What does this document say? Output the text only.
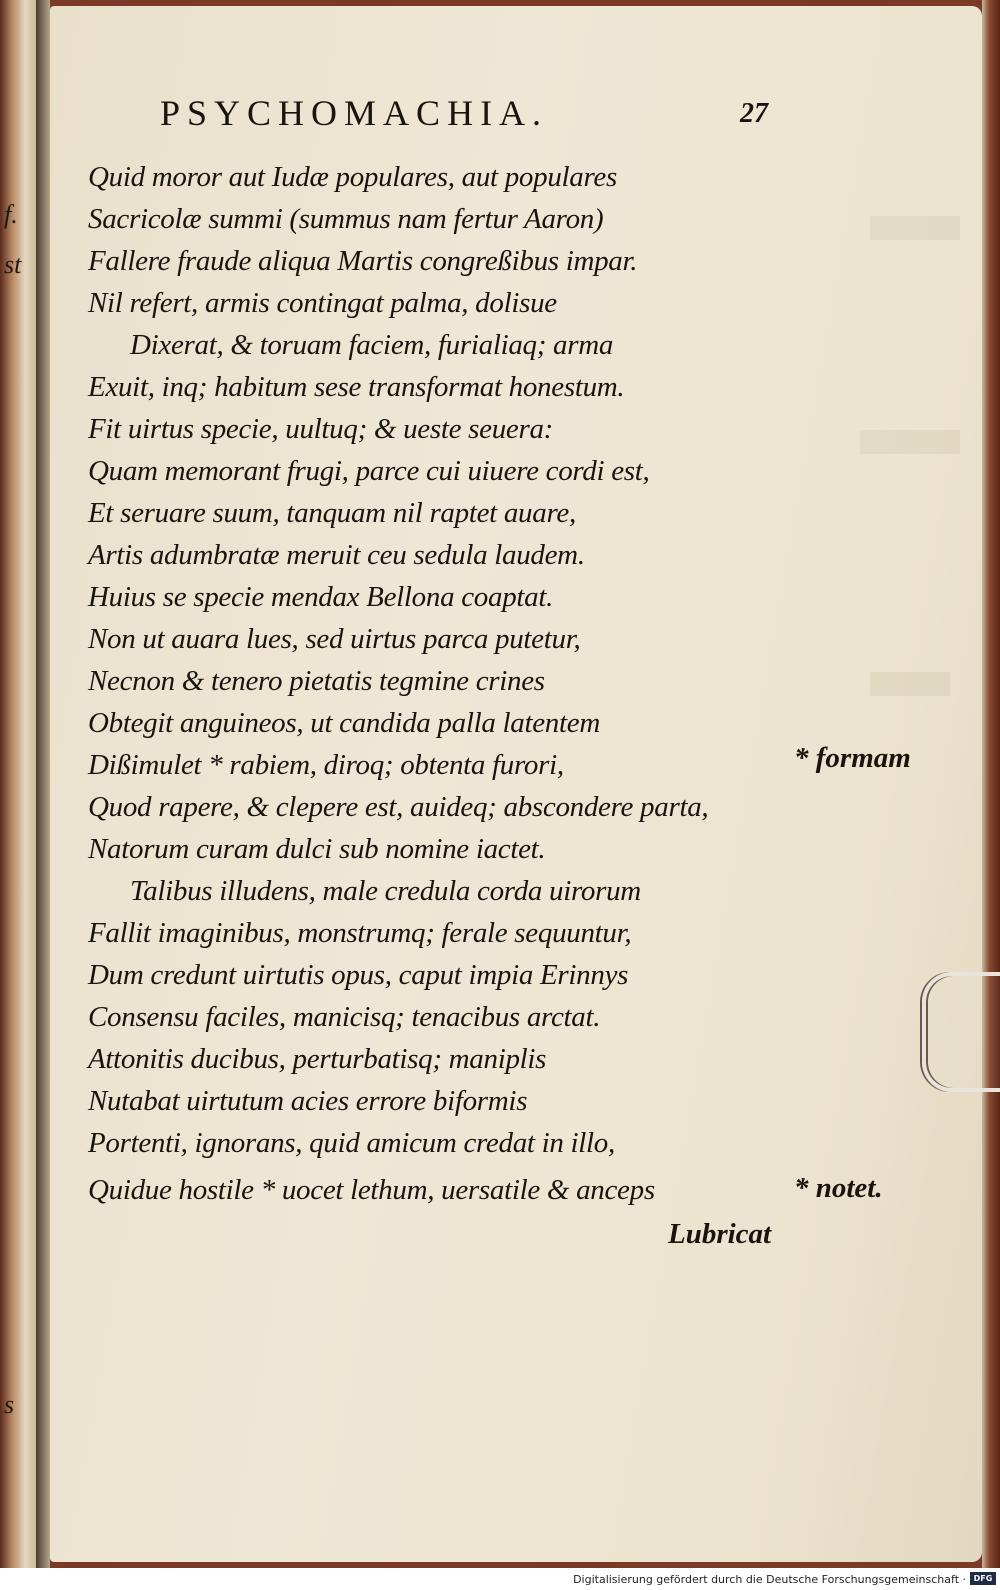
f.
st
s
PSYCHOMACHIA.	27
Quid moror aut Iudæ populares, aut populares
Sacricolæ summi (summus nam fertur Aaron)
Fallere fraude aliqua Martis congreßibus impar.
Nil refert, armis contingat palma, dolisue
Dixerat, & toruam faciem, furialiaq; arma
Exuit, inq; habitum sese transformat honestum.
Fit uirtus specie, uultuq; & ueste seuera:
Quam memorant frugi, parce cui uiuere cordi est,
Et seruare suum, tanquam nil raptet auare,
Artis adumbratæ meruit ceu sedula laudem.
Huius se specie mendax Bellona coaptat.
Non ut auara lues, sed uirtus parca putetur,
Necnon & tenero pietatis tegmine crines
Obtegit anguineos, ut candida palla latentem
Dißimulet * rabiem, diroq; obtenta furori,
Quod rapere, & clepere est, auideq; abscondere parta,
Natorum curam dulci sub nomine iactet.
Talibus illudens, male credula corda uirorum
Fallit imaginibus, monstrumq; ferale sequuntur,
Dum credunt uirtutis opus, caput impia Erinnys
Consensu faciles, manicisq; tenacibus arctat.
Attonitis ducibus, perturbatisq; maniplis
Nutabat uirtutum acies errore biformis
Portenti, ignorans, quid amicum credat in illo,
Quidue hostile * uocet lethum, uersatile & anceps
* formam
* notet.
Lubricat
Digitalisierung gefördert durch die Deutsche Forschungsgemeinschaft · DFG
